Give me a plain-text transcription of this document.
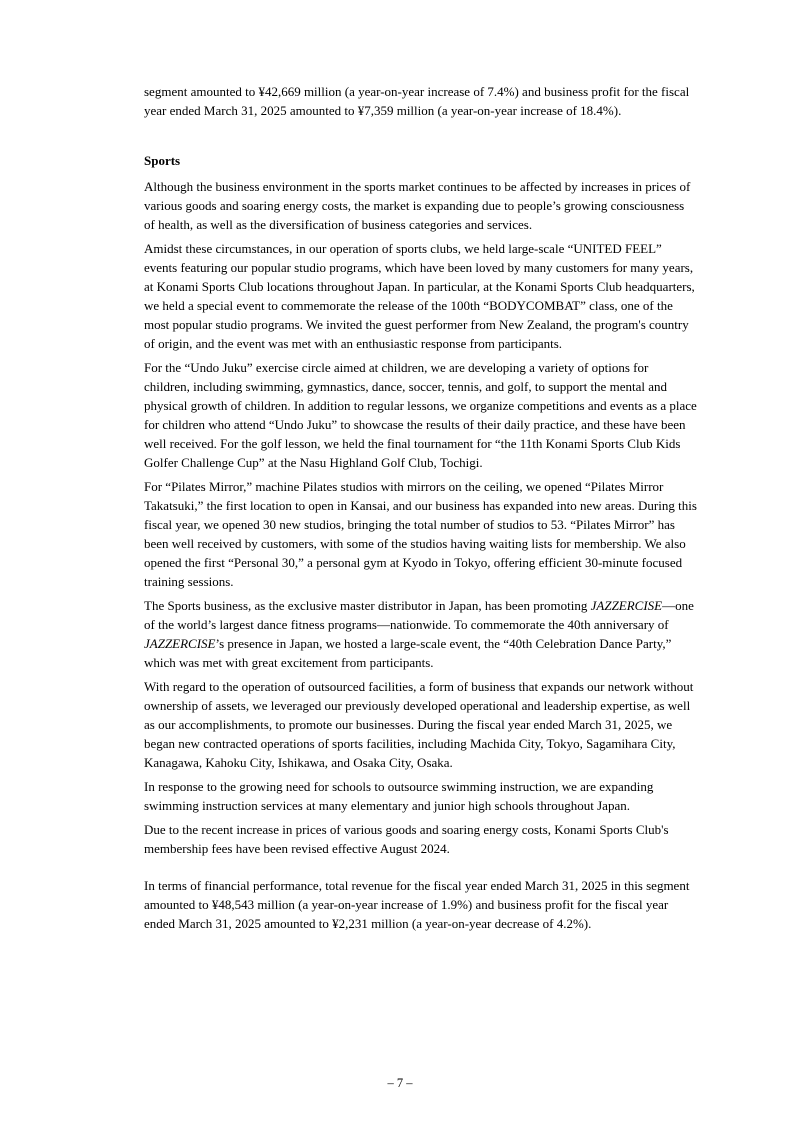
segment amounted to ¥42,669 million (a year-on-year increase of 7.4%) and business profit for the fiscal year ended March 31, 2025 amounted to ¥7,359 million (a year-on-year increase of 18.4%).

Sports

Although the business environment in the sports market continues to be affected by increases in prices of various goods and soaring energy costs, the market is expanding due to people’s growing consciousness of health, as well as the diversification of business categories and services.

Amidst these circumstances, in our operation of sports clubs, we held large-scale “UNITED FEEL” events featuring our popular studio programs, which have been loved by many customers for many years, at Konami Sports Club locations throughout Japan. In particular, at the Konami Sports Club headquarters, we held a special event to commemorate the release of the 100th “BODYCOMBAT” class, one of the most popular studio programs. We invited the guest performer from New Zealand, the program's country of origin, and the event was met with an enthusiastic response from participants.

For the “Undo Juku” exercise circle aimed at children, we are developing a variety of options for children, including swimming, gymnastics, dance, soccer, tennis, and golf, to support the mental and physical growth of children. In addition to regular lessons, we organize competitions and events as a place for children who attend “Undo Juku” to showcase the results of their daily practice, and these have been well received. For the golf lesson, we held the final tournament for “the 11th Konami Sports Club Kids Golfer Challenge Cup” at the Nasu Highland Golf Club, Tochigi.

For “Pilates Mirror,” machine Pilates studios with mirrors on the ceiling, we opened “Pilates Mirror Takatsuki,” the first location to open in Kansai, and our business has expanded into new areas. During this fiscal year, we opened 30 new studios, bringing the total number of studios to 53. “Pilates Mirror” has been well received by customers, with some of the studios having waiting lists for membership. We also opened the first “Personal 30,” a personal gym at Kyodo in Tokyo, offering efficient 30-minute focused training sessions.

The Sports business, as the exclusive master distributor in Japan, has been promoting JAZZERCISE—one of the world’s largest dance fitness programs—nationwide. To commemorate the 40th anniversary of JAZZERCISE’s presence in Japan, we hosted a large-scale event, the “40th Celebration Dance Party,” which was met with great excitement from participants.

With regard to the operation of outsourced facilities, a form of business that expands our network without ownership of assets, we leveraged our previously developed operational and leadership expertise, as well as our accomplishments, to promote our businesses. During the fiscal year ended March 31, 2025, we began new contracted operations of sports facilities, including Machida City, Tokyo, Sagamihara City, Kanagawa, Kahoku City, Ishikawa, and Osaka City, Osaka.

In response to the growing need for schools to outsource swimming instruction, we are expanding swimming instruction services at many elementary and junior high schools throughout Japan.

Due to the recent increase in prices of various goods and soaring energy costs, Konami Sports Club's membership fees have been revised effective August 2024.

In terms of financial performance, total revenue for the fiscal year ended March 31, 2025 in this segment amounted to ¥48,543 million (a year-on-year increase of 1.9%) and business profit for the fiscal year ended March 31, 2025 amounted to ¥2,231 million (a year-on-year decrease of 4.2%).

– 7 –
